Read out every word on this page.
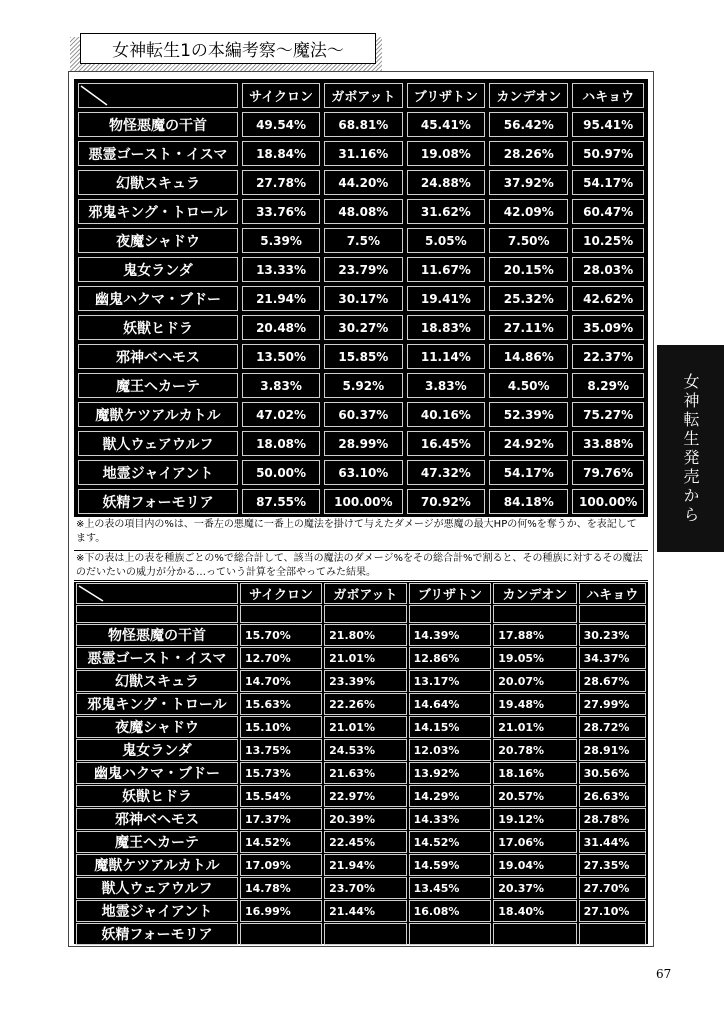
女神転生1の本編考察〜魔法〜
	サイクロン	ガボアット	ブリザトン	カンデオン	ハキョウ
物怪悪魔の干首	49.54%	68.81%	45.41%	56.42%	95.41%
悪霊ゴースト・イスマ	18.84%	31.16%	19.08%	28.26%	50.97%
幻獣スキュラ	27.78%	44.20%	24.88%	37.92%	54.17%
邪鬼キング・トロール	33.76%	48.08%	31.62%	42.09%	60.47%
夜魔シャドウ	5.39%	7.5%	5.05%	7.50%	10.25%
鬼女ランダ	13.33%	23.79%	11.67%	20.15%	28.03%
幽鬼ハクマ・ブドー	21.94%	30.17%	19.41%	25.32%	42.62%
妖獣ヒドラ	20.48%	30.27%	18.83%	27.11%	35.09%
邪神ベヘモス	13.50%	15.85%	11.14%	14.86%	22.37%
魔王ヘカーテ	3.83%	5.92%	3.83%	4.50%	8.29%
魔獣ケツアルカトル	47.02%	60.37%	40.16%	52.39%	75.27%
獣人ウェアウルフ	18.08%	28.99%	16.45%	24.92%	33.88%
地霊ジャイアント	50.00%	63.10%	47.32%	54.17%	79.76%
妖精フォーモリア	87.55%	100.00%	70.92%	84.18%	100.00%
※上の表の項目内の%は、一番左の悪魔に一番上の魔法を掛けて与えたダメージが悪魔の最大HPの何%を奪うか、を表記してます。
※下の表は上の表を種族ごとの%で総合計して、該当の魔法のダメージ%をその総合計%で割ると、その種族に対するその魔法のだいたいの威力が分かる…っていう計算を全部やってみた結果。
	サイクロン	ガボアット	ブリザトン	カンデオン	ハキョウ

物怪悪魔の干首	15.70%	21.80%	14.39%	17.88%	30.23%
悪霊ゴースト・イスマ	12.70%	21.01%	12.86%	19.05%	34.37%
幻獣スキュラ	14.70%	23.39%	13.17%	20.07%	28.67%
邪鬼キング・トロール	15.63%	22.26%	14.64%	19.48%	27.99%
夜魔シャドウ	15.10%	21.01%	14.15%	21.01%	28.72%
鬼女ランダ	13.75%	24.53%	12.03%	20.78%	28.91%
幽鬼ハクマ・ブドー	15.73%	21.63%	13.92%	18.16%	30.56%
妖獣ヒドラ	15.54%	22.97%	14.29%	20.57%	26.63%
邪神ベヘモス	17.37%	20.39%	14.33%	19.12%	28.78%
魔王ヘカーテ	14.52%	22.45%	14.52%	17.06%	31.44%
魔獣ケツアルカトル	17.09%	21.94%	14.59%	19.04%	27.35%
獣人ウェアウルフ	14.78%	23.70%	13.45%	20.37%	27.70%
地霊ジャイアント	16.99%	21.44%	16.08%	18.40%	27.10%
妖精フォーモリア					
女神転生発売から
67
